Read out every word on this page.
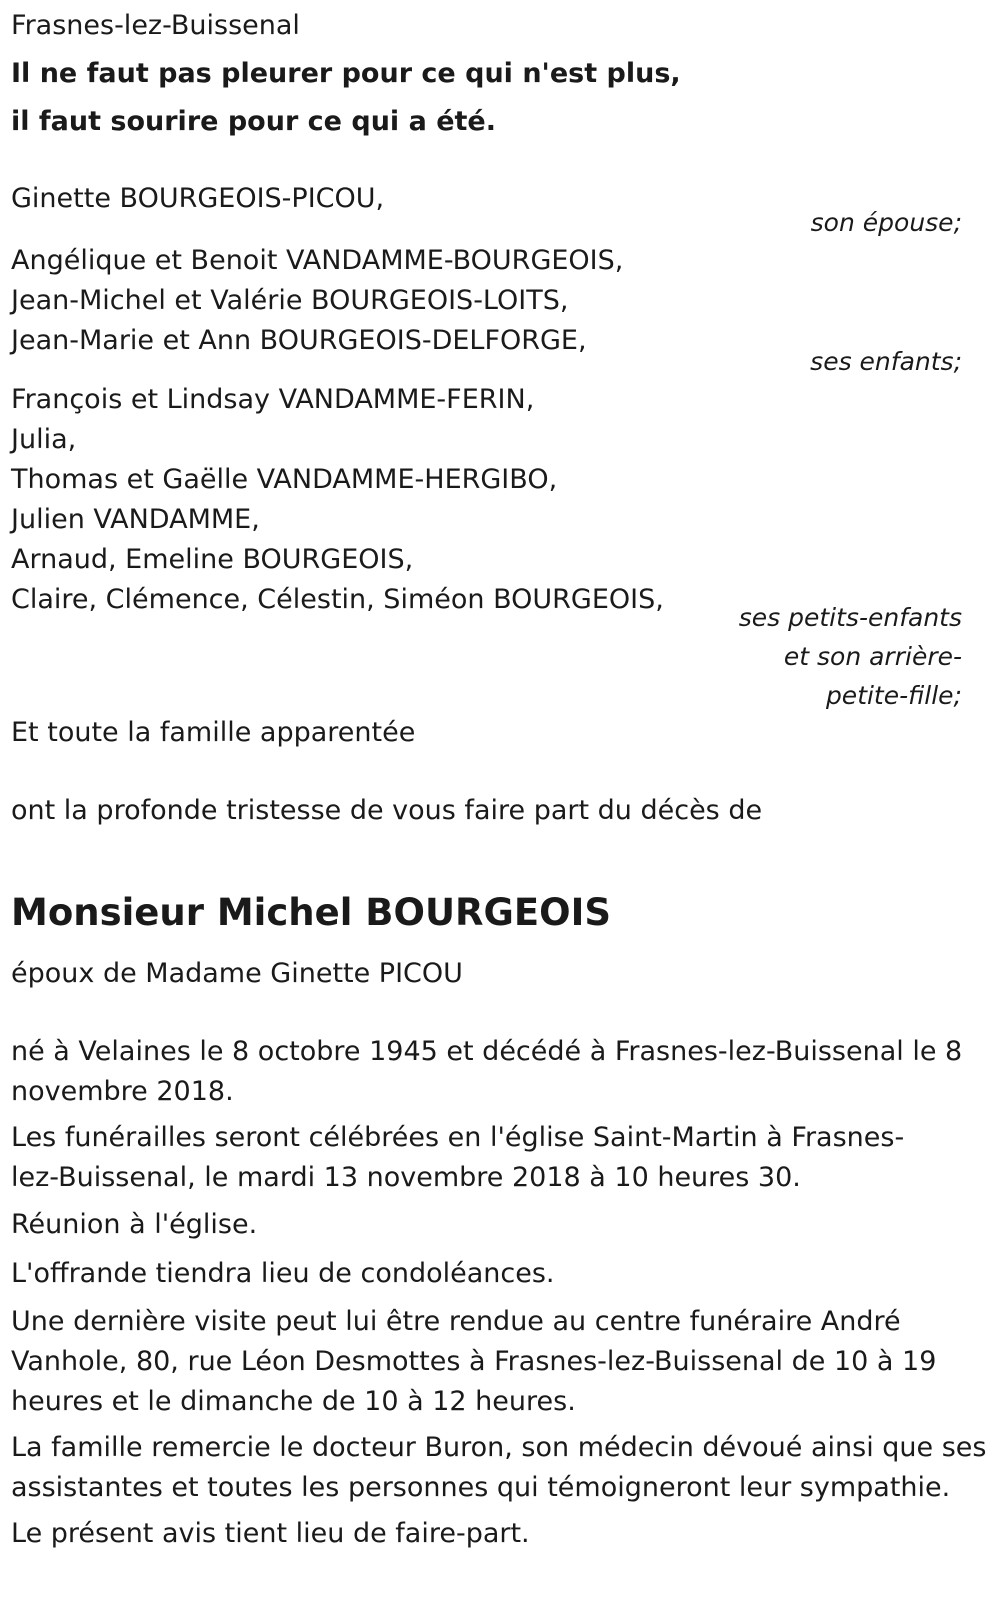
Frasnes-lez-Buissenal

Il ne faut pas pleurer pour ce qui n'est plus,

il faut sourire pour ce qui a été.

Ginette BOURGEOIS-PICOU,

son épouse;

Angélique et Benoit VANDAMME-BOURGEOIS,
Jean-Michel et Valérie BOURGEOIS-LOITS,
Jean-Marie et Ann BOURGEOIS-DELFORGE,

ses enfants;

François et Lindsay VANDAMME-FERIN,
Julia,
Thomas et Gaëlle VANDAMME-HERGIBO,
Julien VANDAMME,
Arnaud, Emeline BOURGEOIS,
Claire, Clémence, Célestin, Siméon BOURGEOIS,
ses petits-enfants
et son arrière-
petite-fille;

Et toute la famille apparentée

ont la profonde tristesse de vous faire part du décès de

Monsieur Michel BOURGEOIS

époux de Madame Ginette PICOU

né à Velaines le 8 octobre 1945 et décédé à Frasnes-lez-Buissenal le 8
novembre 2018.
Les funérailles seront célébrées en l'église Saint-Martin à Frasnes-
lez-Buissenal, le mardi 13 novembre 2018 à 10 heures 30.
Réunion à l'église.
L'offrande tiendra lieu de condoléances.
Une dernière visite peut lui être rendue au centre funéraire André
Vanhole, 80, rue Léon Desmottes à Frasnes-lez-Buissenal de 10 à 19
heures et le dimanche de 10 à 12 heures.
La famille remercie le docteur Buron, son médecin dévoué ainsi que ses
assistantes et toutes les personnes qui témoigneront leur sympathie.
Le présent avis tient lieu de faire-part.
